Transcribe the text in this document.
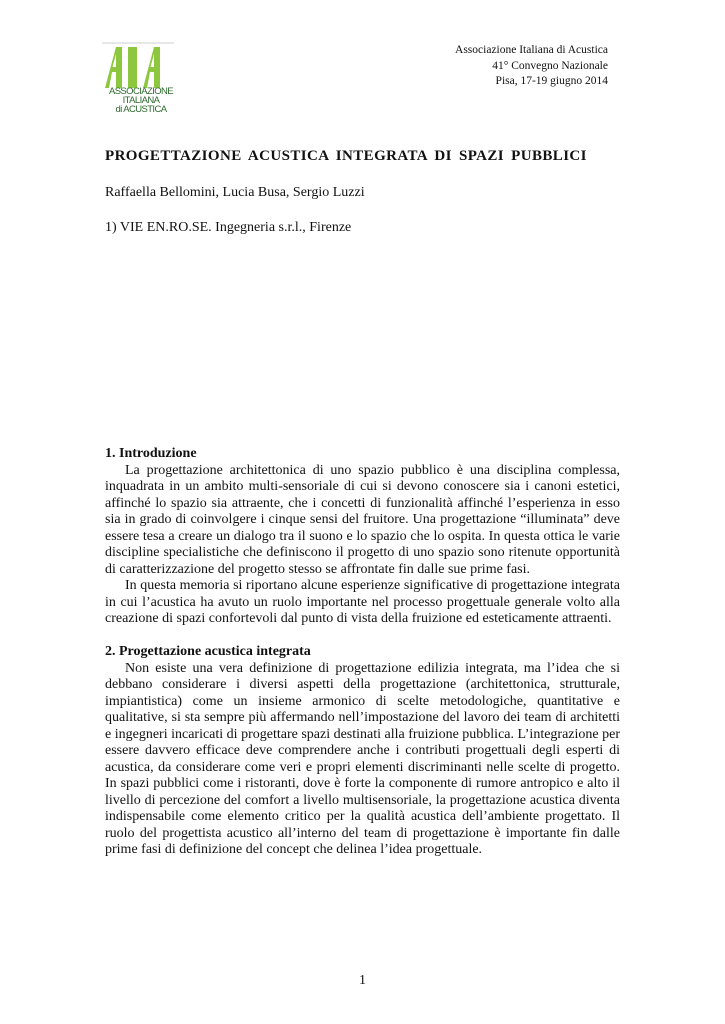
ASSOCIAZIONE
ITALIANA
di ACUSTICA
Associazione Italiana di Acustica
41° Convegno Nazionale
Pisa, 17-19 giugno 2014
PROGETTAZIONE ACUSTICA INTEGRATA DI SPAZI PUBBLICI
Raffaella Bellomini, Lucia Busa, Sergio Luzzi
1) VIE EN.RO.SE. Ingegneria s.r.l., Firenze
1. Introduzione

La progettazione architettonica di uno spazio pubblico è una disciplina complessa, inquadrata in un ambito multi-sensoriale di cui si devono conoscere sia i canoni estetici, affinché lo spazio sia attraente, che i concetti di funzionalità affinché l’esperienza in esso sia in grado di coinvolgere i cinque sensi del fruitore. Una progettazione “illuminata” deve essere tesa a creare un dialogo tra il suono e lo spazio che lo ospita. In questa ottica le varie discipline specialistiche che definiscono il progetto di uno spazio sono ritenute opportunità di caratterizzazione del progetto stesso se affrontate fin dalle sue prime fasi.

In questa memoria si riportano alcune esperienze significative di progettazione integrata in cui l’acustica ha avuto un ruolo importante nel processo progettuale generale volto alla creazione di spazi confortevoli dal punto di vista della fruizione ed esteticamente attraenti.

2. Progettazione acustica integrata

Non esiste una vera definizione di progettazione edilizia integrata, ma l’idea che si debbano considerare i diversi aspetti della progettazione (architettonica, strutturale, impiantistica) come un insieme armonico di scelte metodologiche, quantitative e qualitative, si sta sempre più affermando nell’impostazione del lavoro dei team di architetti e ingegneri incaricati di progettare spazi destinati alla fruizione pubblica. L’integrazione per essere davvero efficace deve comprendere anche i contributi progettuali degli esperti di acustica, da considerare come veri e propri elementi discriminanti nelle scelte di progetto. In spazi pubblici come i ristoranti, dove è forte la componente di rumore antropico e alto il livello di percezione del comfort a livello multisensoriale, la progettazione acustica diventa indispensabile come elemento critico per la qualità acustica dell’ambiente progettato. Il ruolo del progettista acustico all’interno del team di progettazione è importante fin dalle prime fasi di definizione del concept che delinea l’idea progettuale.

1
